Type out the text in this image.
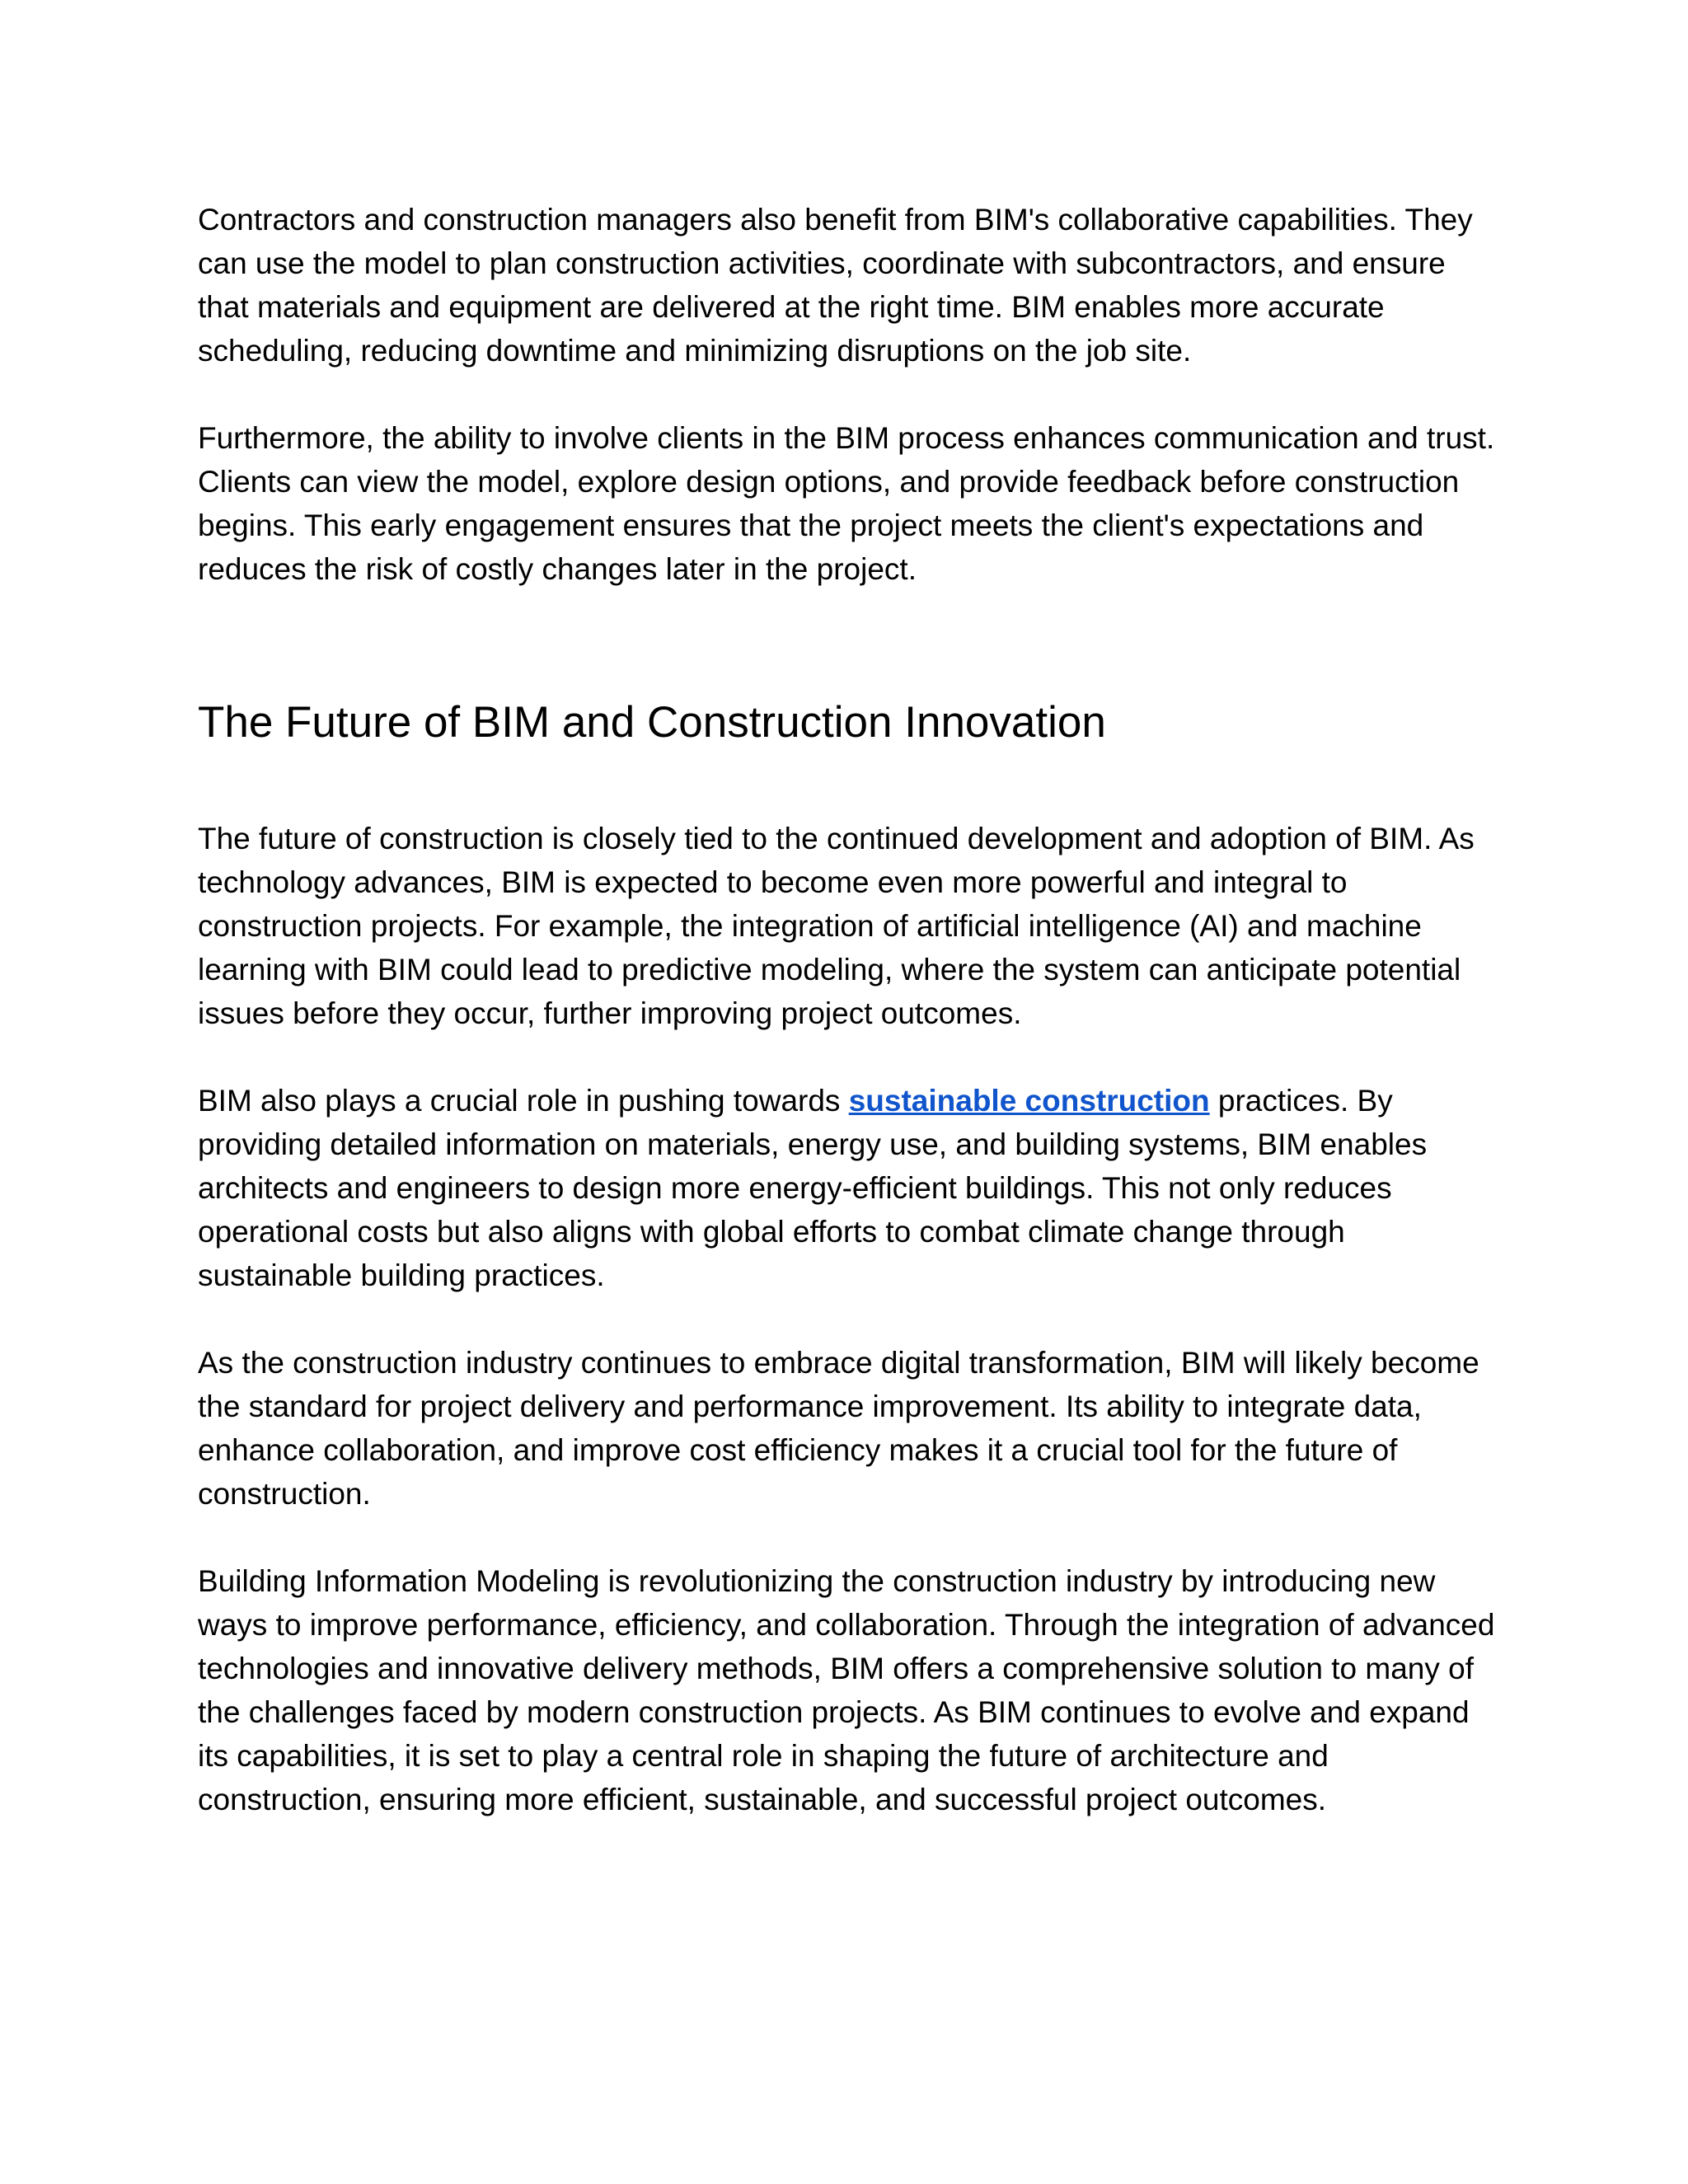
Contractors and construction managers also benefit from BIM's collaborative capabilities. They can use the model to plan construction activities, coordinate with subcontractors, and ensure that materials and equipment are delivered at the right time. BIM enables more accurate scheduling, reducing downtime and minimizing disruptions on the job site.

Furthermore, the ability to involve clients in the BIM process enhances communication and trust. Clients can view the model, explore design options, and provide feedback before construction begins. This early engagement ensures that the project meets the client's expectations and reduces the risk of costly changes later in the project.

The Future of BIM and Construction Innovation

The future of construction is closely tied to the continued development and adoption of BIM. As technology advances, BIM is expected to become even more powerful and integral to construction projects. For example, the integration of artificial intelligence (AI) and machine learning with BIM could lead to predictive modeling, where the system can anticipate potential issues before they occur, further improving project outcomes.

BIM also plays a crucial role in pushing towards sustainable construction practices. By providing detailed information on materials, energy use, and building systems, BIM enables architects and engineers to design more energy-efficient buildings. This not only reduces operational costs but also aligns with global efforts to combat climate change through sustainable building practices.

As the construction industry continues to embrace digital transformation, BIM will likely become the standard for project delivery and performance improvement. Its ability to integrate data, enhance collaboration, and improve cost efficiency makes it a crucial tool for the future of construction.

Building Information Modeling is revolutionizing the construction industry by introducing new ways to improve performance, efficiency, and collaboration. Through the integration of advanced technologies and innovative delivery methods, BIM offers a comprehensive solution to many of the challenges faced by modern construction projects. As BIM continues to evolve and expand its capabilities, it is set to play a central role in shaping the future of architecture and construction, ensuring more efficient, sustainable, and successful project outcomes.
